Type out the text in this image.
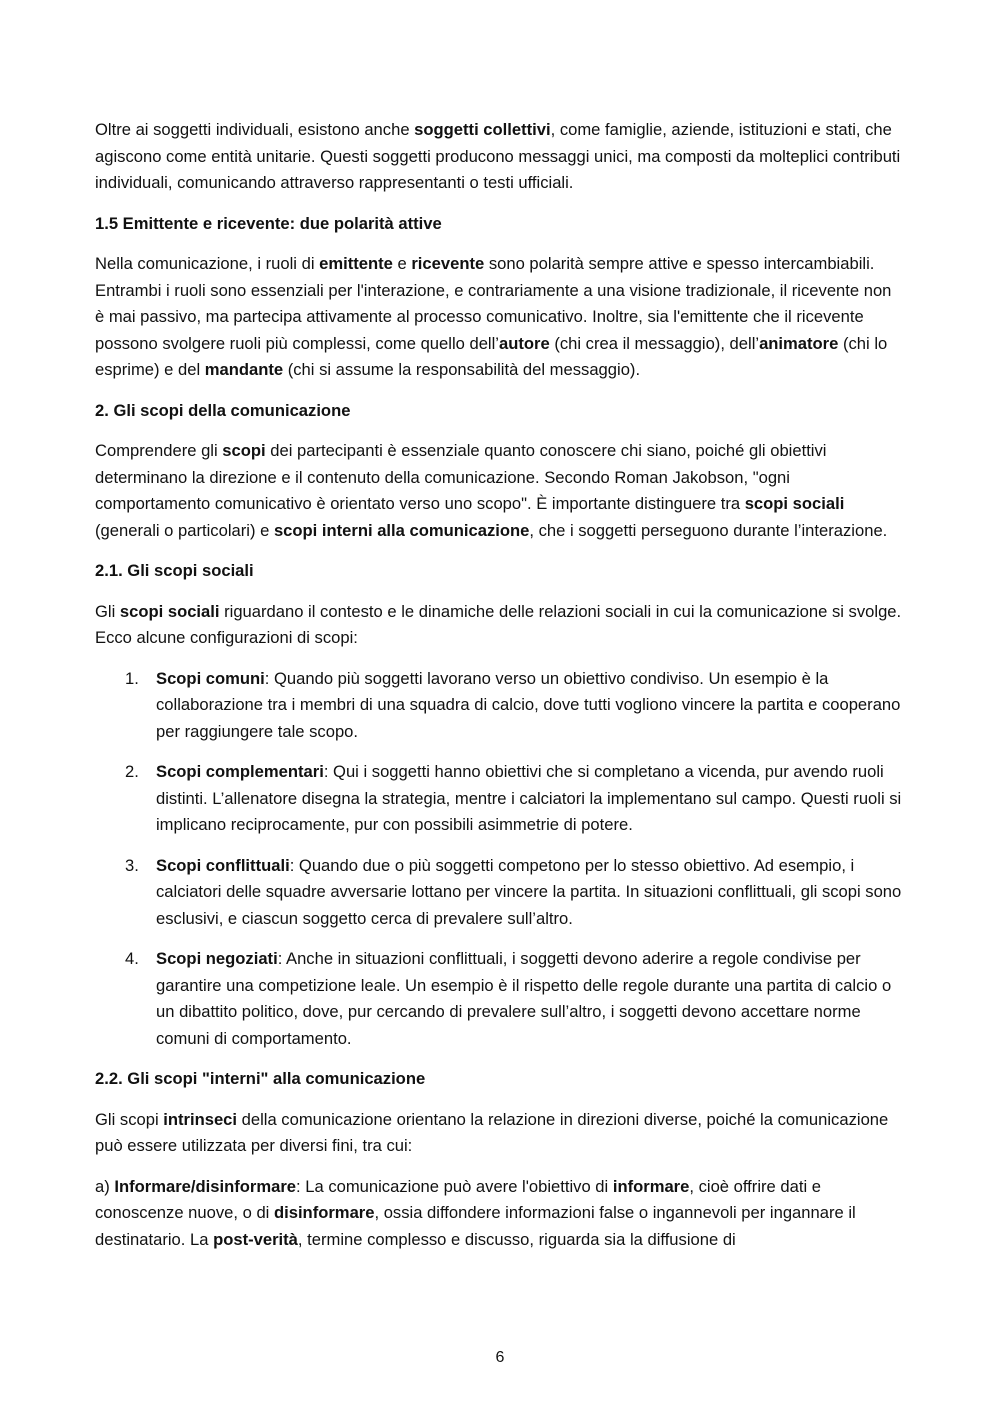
Oltre ai soggetti individuali, esistono anche soggetti collettivi, come famiglie, aziende, istituzioni e stati, che agiscono come entità unitarie. Questi soggetti producono messaggi unici, ma composti da molteplici contributi individuali, comunicando attraverso rappresentanti o testi ufficiali.

1.5 Emittente e ricevente: due polarità attive

Nella comunicazione, i ruoli di emittente e ricevente sono polarità sempre attive e spesso intercambiabili. Entrambi i ruoli sono essenziali per l'interazione, e contrariamente a una visione tradizionale, il ricevente non è mai passivo, ma partecipa attivamente al processo comunicativo. Inoltre, sia l'emittente che il ricevente possono svolgere ruoli più complessi, come quello dell’autore (chi crea il messaggio), dell’animatore (chi lo esprime) e del mandante (chi si assume la responsabilità del messaggio).

2. Gli scopi della comunicazione

Comprendere gli scopi dei partecipanti è essenziale quanto conoscere chi siano, poiché gli obiettivi determinano la direzione e il contenuto della comunicazione. Secondo Roman Jakobson, "ogni comportamento comunicativo è orientato verso uno scopo". È importante distinguere tra scopi sociali (generali o particolari) e scopi interni alla comunicazione, che i soggetti perseguono durante l’interazione.

2.1. Gli scopi sociali

Gli scopi sociali riguardano il contesto e le dinamiche delle relazioni sociali in cui la comunicazione si svolge. Ecco alcune configurazioni di scopi:

1. Scopi comuni: Quando più soggetti lavorano verso un obiettivo condiviso. Un esempio è la collaborazione tra i membri di una squadra di calcio, dove tutti vogliono vincere la partita e cooperano per raggiungere tale scopo.
2. Scopi complementari: Qui i soggetti hanno obiettivi che si completano a vicenda, pur avendo ruoli distinti. L’allenatore disegna la strategia, mentre i calciatori la implementano sul campo. Questi ruoli si implicano reciprocamente, pur con possibili asimmetrie di potere.
3. Scopi conflittuali: Quando due o più soggetti competono per lo stesso obiettivo. Ad esempio, i calciatori delle squadre avversarie lottano per vincere la partita. In situazioni conflittuali, gli scopi sono esclusivi, e ciascun soggetto cerca di prevalere sull’altro.
4. Scopi negoziati: Anche in situazioni conflittuali, i soggetti devono aderire a regole condivise per garantire una competizione leale. Un esempio è il rispetto delle regole durante una partita di calcio o un dibattito politico, dove, pur cercando di prevalere sull’altro, i soggetti devono accettare norme comuni di comportamento.
2.2. Gli scopi "interni" alla comunicazione

Gli scopi intrinseci della comunicazione orientano la relazione in direzioni diverse, poiché la comunicazione può essere utilizzata per diversi fini, tra cui:

a) Informare/disinformare: La comunicazione può avere l'obiettivo di informare, cioè offrire dati e conoscenze nuove, o di disinformare, ossia diffondere informazioni false o ingannevoli per ingannare il destinatario. La post-verità, termine complesso e discusso, riguarda sia la diffusione di

6
